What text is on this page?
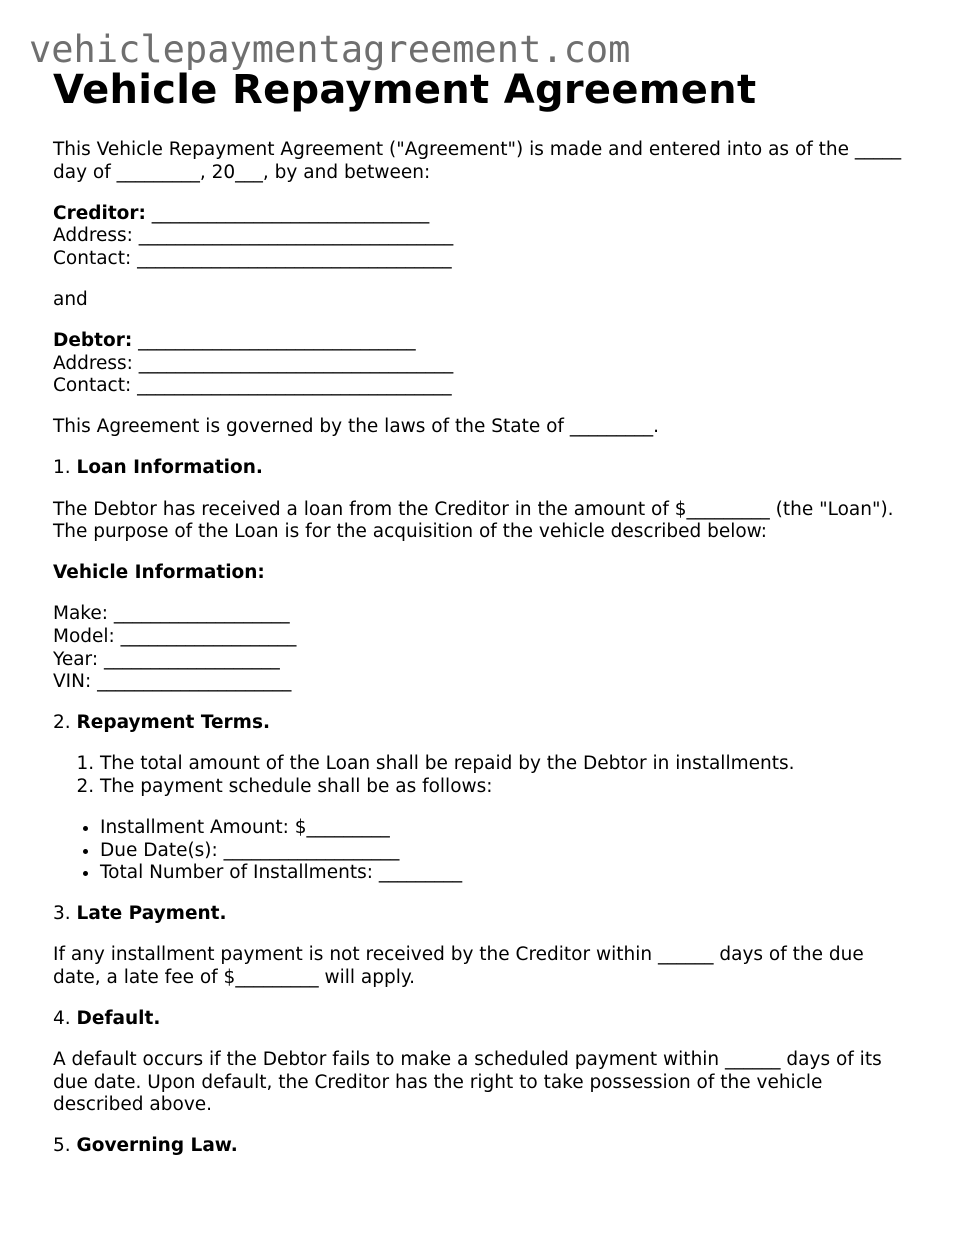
vehiclepaymentagreement.com
Vehicle Repayment Agreement

This Vehicle Repayment Agreement ("Agreement") is made and entered into as of the _____ day of _________, 20___, by and between:

Creditor: ______________________________
Address: __________________________________
Contact: __________________________________

and

Debtor: ______________________________
Address: __________________________________
Contact: __________________________________

This Agreement is governed by the laws of the State of _________.

1. Loan Information.

The Debtor has received a loan from the Creditor in the amount of $_________ (the "Loan"). The purpose of the Loan is for the acquisition of the vehicle described below:

Vehicle Information:

Make: ___________________
Model: ___________________
Year: ___________________
VIN: _____________________

2. Repayment Terms.

1. The total amount of the Loan shall be repaid by the Debtor in installments.
2. The payment schedule shall be as follows:
• Installment Amount: $_________
• Due Date(s): ___________________
• Total Number of Installments: _________

3. Late Payment.

If any installment payment is not received by the Creditor within ______ days of the due date, a late fee of $_________ will apply.

4. Default.

A default occurs if the Debtor fails to make a scheduled payment within ______ days of its due date. Upon default, the Creditor has the right to take possession of the vehicle described above.

5. Governing Law.
